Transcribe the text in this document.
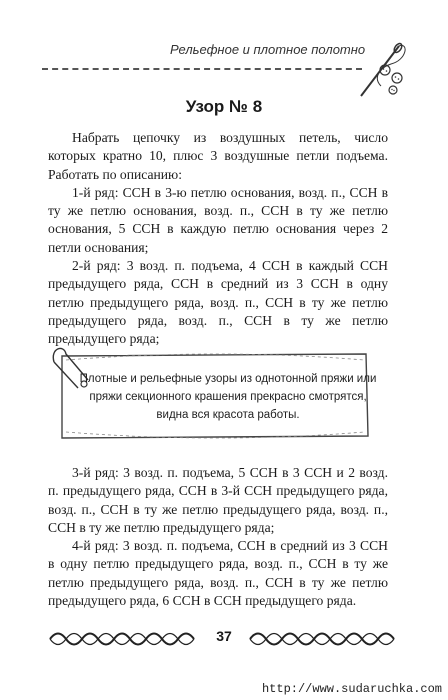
Рельефное и плотное полотно
Узор № 8

Набрать цепочку из воздушных петель, число которых кратно 10, плюс 3 воздушные петли подъема. Работать по описанию:

1-й ряд: ССН в 3-ю петлю основания, возд. п., ССН в ту же петлю основания, возд. п., ССН в ту же петлю основания, 5 ССН в каждую петлю основания через 2 петли основания;

2-й ряд: 3 возд. п. подъема, 4 ССН в каждый ССН предыдущего ряда, ССН в средний из 3 ССН в одну петлю предыдущего ряда, возд. п., ССН в ту же петлю предыдущего ряда, возд. п., ССН в ту же петлю предыдущего ряда;

Плотные и рельефные узоры из однотонной пряжи или пряжи секционного крашения прекрасно смотрятся, видна вся красота работы.

3-й ряд: 3 возд. п. подъема, 5 ССН в 3 ССН и 2 возд. п. предыдущего ряда, ССН в 3-й ССН предыдущего ряда, возд. п., ССН в ту же петлю предыдущего ряда, возд. п., ССН в ту же петлю предыдущего ряда;

4-й ряд: 3 возд. п. подъема, ССН в средний из 3 ССН в одну петлю предыдущего ряда, возд. п., ССН в ту же петлю предыдущего ряда, возд. п., ССН в ту же петлю предыдущего ряда, 6 ССН в ССН предыдущего ряда.

37
http://www.sudaruchka.com
